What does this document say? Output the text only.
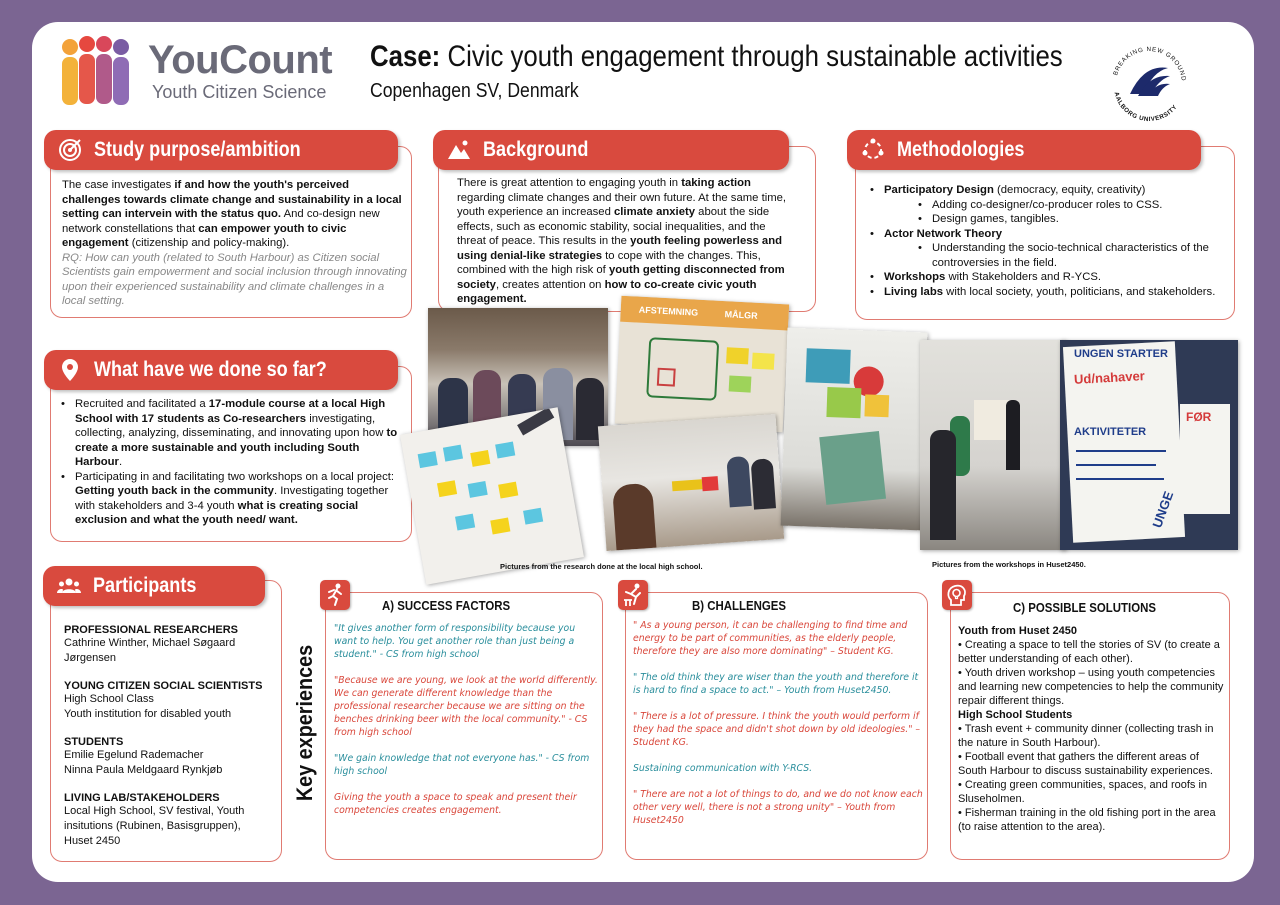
YouCount
Youth Citizen Science
Case: Civic youth engagement through sustainable activities
Copenhagen SV, Denmark
BREAKING NEW GROUND
AALBORG UNIVERSITY
Study purpose/ambition
The case investigates if and how the youth's perceived challenges towards climate change and sustainability in a local setting can intervein with the status quo. And co-design new network constellations that can empower youth to civic engagement (citizenship and policy-making).
RQ: How can youth (related to South Harbour) as Citizen social Scientists gain empowerment and social inclusion through innovating upon their experienced sustainability and climate challenges in a local setting.
Background
There is great attention to engaging youth in taking action regarding climate changes and their own future. At the same time, youth experience an increased climate anxiety about the side effects, such as economic stability, social inequalities, and the threat of peace. This results in the youth feeling powerless and using denial-like strategies to cope with the changes. This, combined with the high risk of youth getting disconnected from society, creates attention on how to co-create civic youth engagement.
Methodologies
• Participatory Design (democracy, equity, creativity)
• Adding co-designer/co-producer roles to CSS.
• Design games, tangibles.
• Actor Network Theory
• Understanding the socio-technical characteristics of the controversies in the field.
• Workshops with Stakeholders and R-YCS.
• Living labs with local society, youth, politicians, and stakeholders.
What have we done so far?
• Recruited and facilitated a 17-module course at a local High School with 17 students as Co-researchers investigating, collecting, analyzing, disseminating, and innovating upon how to create a more sustainable and youth including South Harbour.
• Participating in and facilitating two workshops on a local project: Getting youth back in the community. Investigating together with stakeholders and 3-4 youth what is creating social exclusion and what the youth need/ want.
AFSTEMNING	MÅLGR
UNGEN STARTER
Ud/nahaver
AKTIVITETER
FØR
UNGE
Pictures from the research done at the local high school.	Pictures from the workshops in Huset2450.
Participants
PROFESSIONAL RESEARCHERS

Cathrine Winther, Michael Søgaard

Jørgensen

YOUNG CITIZEN SOCIAL SCIENTISTS

High School Class

Youth institution for disabled youth

STUDENTS

Emilie Egelund Rademacher

Ninna Paula Meldgaard Rynkjøb

LIVING LAB/STAKEHOLDERS

Local High School, SV festival, Youth

insitutions (Rubinen, Basisgruppen),

Huset 2450

Key experiences
A) SUCCESS FACTORS

"It gives another form of responsibility because you want to help. You get another role than just being a student." - CS from high school

"Because we are young, we look at the world differently. We can generate different knowledge than the professional researcher because we are sitting on the benches drinking beer with the local community." - CS from high school

"We gain knowledge that not everyone has." - CS from high school

Giving the youth a space to speak and present their competencies creates engagement.

B) CHALLENGES

" As a young person, it can be challenging to find time and energy to be part of communities, as the elderly people, therefore they are also more dominating" – Student KG.

" The old think they are wiser than the youth and therefore it is hard to find a space to act." – Youth from Huset2450.

" There is a lot of pressure. I think the youth would perform if they had the space and didn't shot down by old ideologies." – Student KG.

Sustaining communication with Y-RCS.

" There are not a lot of things to do, and we do not know each other very well, there is not a strong unity" – Youth from Huset2450

C) POSSIBLE SOLUTIONS
Youth from Huset 2450
• Creating a space to tell the stories of SV (to create a better understanding of each other).
• Youth driven workshop – using youth competencies and learning new competencies to help the community repair different things.
High School Students
• Trash event + community dinner (collecting trash in the nature in South Harbour).
• Football event that gathers the different areas of South Harbour to discuss sustainability experiences.
• Creating green communities, spaces, and roofs in Sluseholmen.
• Fisherman training in the old fishing port in the area (to raise attention to the area).
